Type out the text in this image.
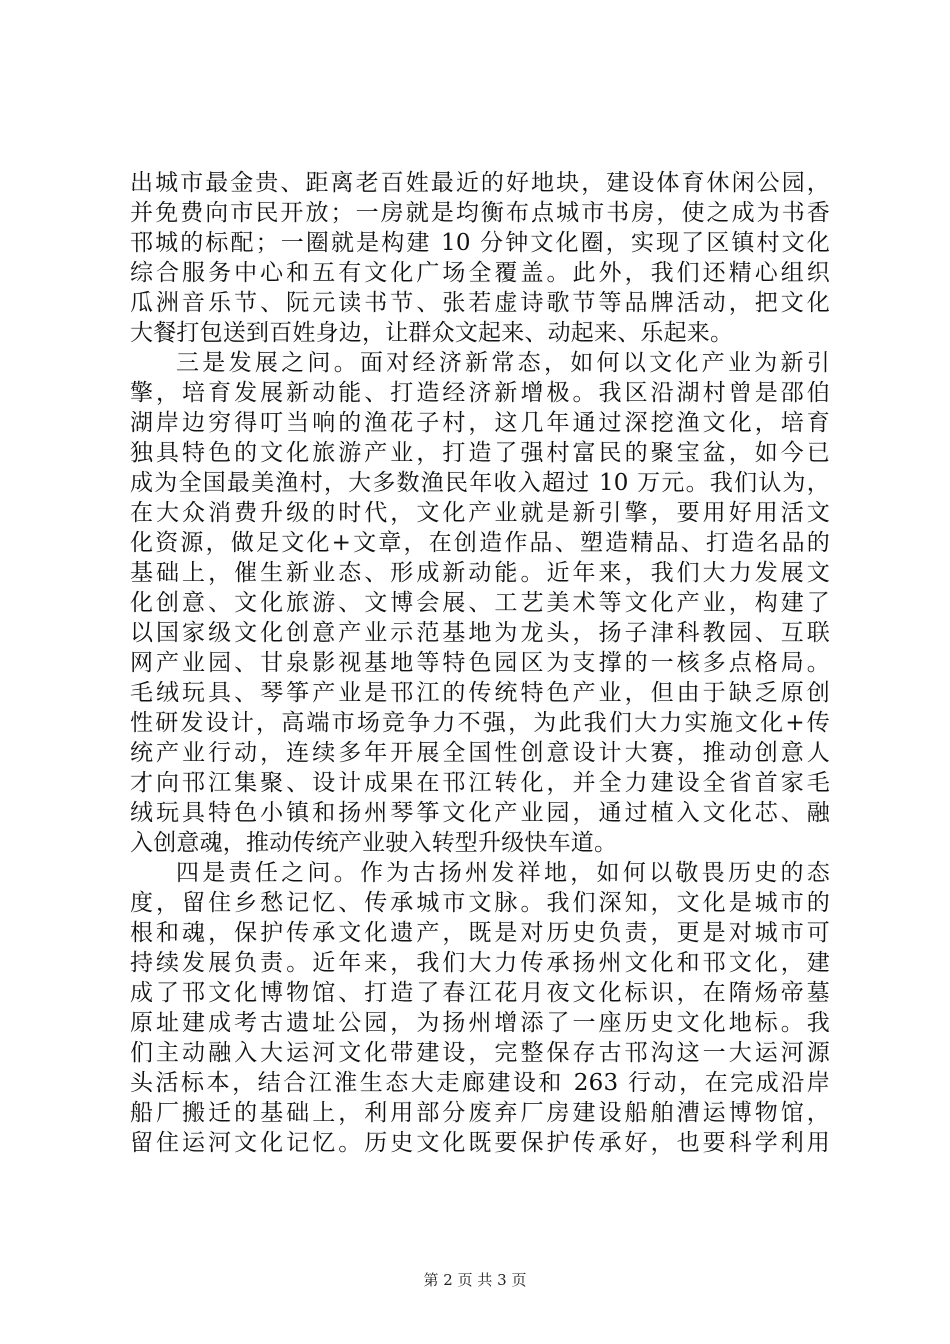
出城市最金贵、距离老百姓最近的好地块，建设体育休闲公园，
并免费向市民开放；一房就是均衡布点城市书房，使之成为书香
邗城的标配；一圈就是构建 10 分钟文化圈，实现了区镇村文化
综合服务中心和五有文化广场全覆盖。此外，我们还精心组织
瓜洲音乐节、阮元读书节、张若虚诗歌节等品牌活动，把文化
大餐打包送到百姓身边，让群众文起来、动起来、乐起来。
三是发展之问。面对经济新常态，如何以文化产业为新引
擎，培育发展新动能、打造经济新增极。我区沿湖村曾是邵伯
湖岸边穷得叮当响的渔花子村，这几年通过深挖渔文化，培育
独具特色的文化旅游产业，打造了强村富民的聚宝盆，如今已
成为全国最美渔村，大多数渔民年收入超过 10 万元。我们认为，
在大众消费升级的时代，文化产业就是新引擎，要用好用活文
化资源，做足文化+文章，在创造作品、塑造精品、打造名品的
基础上，催生新业态、形成新动能。近年来，我们大力发展文
化创意、文化旅游、文博会展、工艺美术等文化产业，构建了
以国家级文化创意产业示范基地为龙头，扬子津科教园、互联
网产业园、甘泉影视基地等特色园区为支撑的一核多点格局。
毛绒玩具、琴筝产业是邗江的传统特色产业，但由于缺乏原创
性研发设计，高端市场竞争力不强，为此我们大力实施文化+传
统产业行动，连续多年开展全国性创意设计大赛，推动创意人
才向邗江集聚、设计成果在邗江转化，并全力建设全省首家毛
绒玩具特色小镇和扬州琴筝文化产业园，通过植入文化芯、融
入创意魂，推动传统产业驶入转型升级快车道。
四是责任之问。作为古扬州发祥地，如何以敬畏历史的态
度，留住乡愁记忆、传承城市文脉。我们深知，文化是城市的
根和魂，保护传承文化遗产，既是对历史负责，更是对城市可
持续发展负责。近年来，我们大力传承扬州文化和邗文化，建
成了邗文化博物馆、打造了春江花月夜文化标识，在隋炀帝墓
原址建成考古遗址公园，为扬州增添了一座历史文化地标。我
们主动融入大运河文化带建设，完整保存古邗沟这一大运河源
头活标本，结合江淮生态大走廊建设和 263 行动，在完成沿岸
船厂搬迁的基础上，利用部分废弃厂房建设船舶漕运博物馆，
留住运河文化记忆。历史文化既要保护传承好，也要科学利用
第 2 页 共 3 页
